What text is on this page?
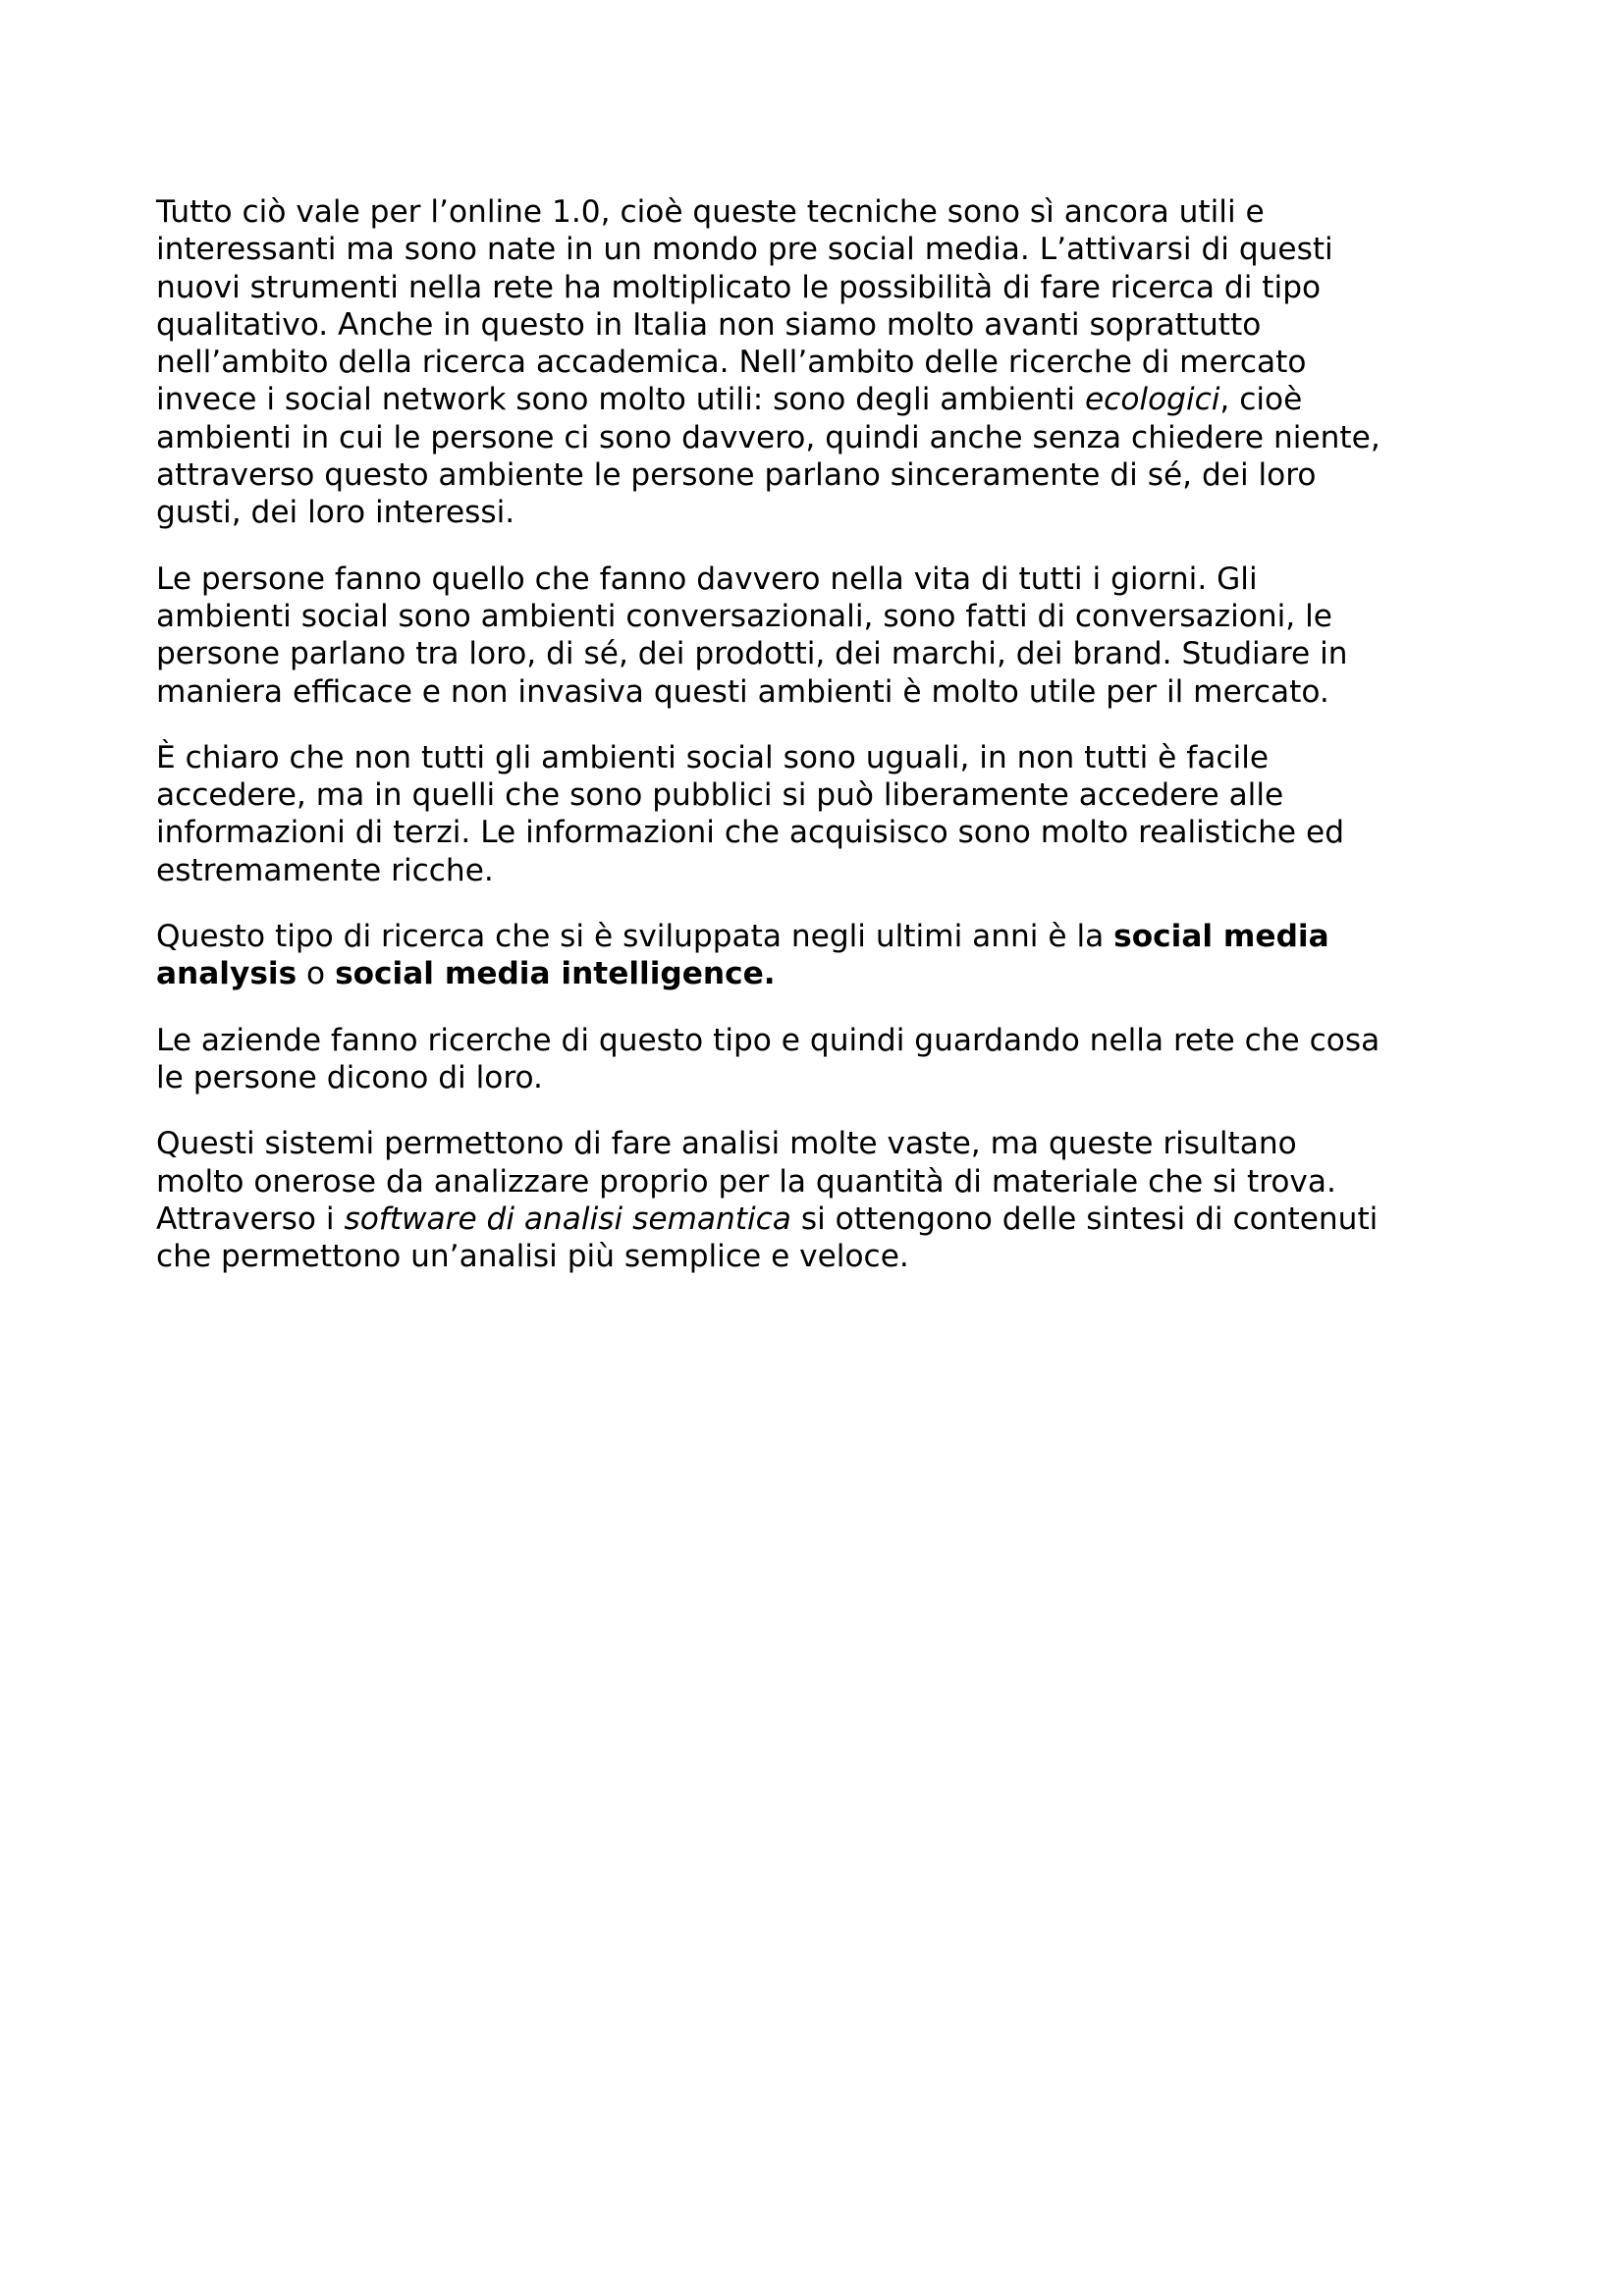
Tutto ciò vale per l’online 1.0, cioè queste tecniche sono sì ancora utili e
interessanti ma sono nate in un mondo pre social media. L’attivarsi di questi
nuovi strumenti nella rete ha moltiplicato le possibilità di fare ricerca di tipo
qualitativo. Anche in questo in Italia non siamo molto avanti soprattutto
nell’ambito della ricerca accademica. Nell’ambito delle ricerche di mercato
invece i social network sono molto utili: sono degli ambienti ecologici, cioè
ambienti in cui le persone ci sono davvero, quindi anche senza chiedere niente,
attraverso questo ambiente le persone parlano sinceramente di sé, dei loro
gusti, dei loro interessi.
Le persone fanno quello che fanno davvero nella vita di tutti i giorni. Gli
ambienti social sono ambienti conversazionali, sono fatti di conversazioni, le
persone parlano tra loro, di sé, dei prodotti, dei marchi, dei brand. Studiare in
maniera efficace e non invasiva questi ambienti è molto utile per il mercato.
È chiaro che non tutti gli ambienti social sono uguali, in non tutti è facile
accedere, ma in quelli che sono pubblici si può liberamente accedere alle
informazioni di terzi. Le informazioni che acquisisco sono molto realistiche ed
estremamente ricche.
Questo tipo di ricerca che si è sviluppata negli ultimi anni è la social media
analysis o social media intelligence.
Le aziende fanno ricerche di questo tipo e quindi guardando nella rete che cosa
le persone dicono di loro.
Questi sistemi permettono di fare analisi molte vaste, ma queste risultano
molto onerose da analizzare proprio per la quantità di materiale che si trova.
Attraverso i software di analisi semantica si ottengono delle sintesi di contenuti
che permettono un’analisi più semplice e veloce.
